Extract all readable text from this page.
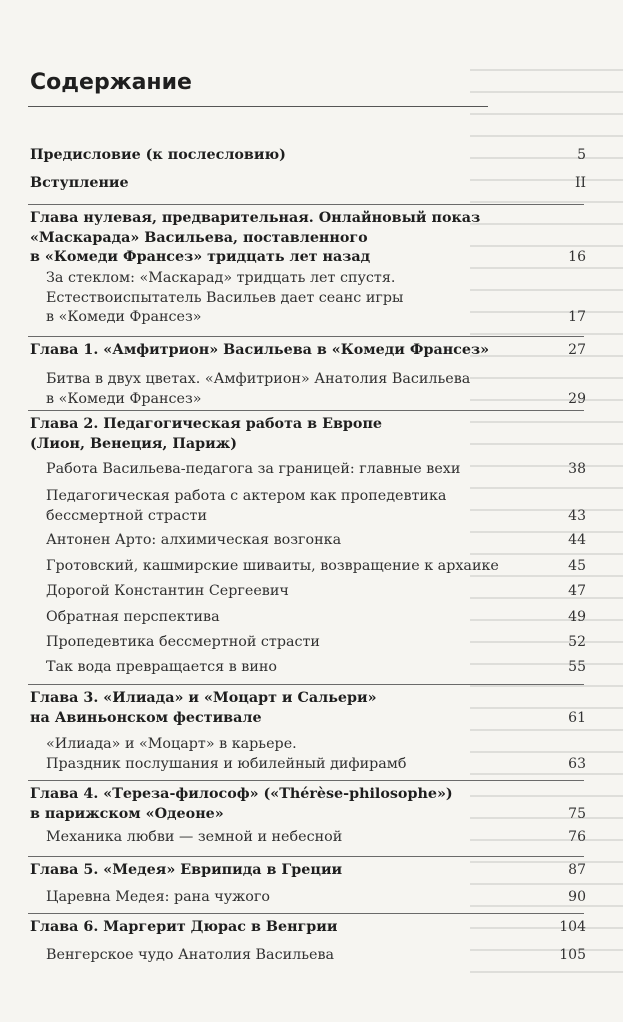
Содержание
Предисловие (к послесловию)	5
Вступление	II
Глава нулевая, предварительная. Онлайновый показ
«Маскарада» Васильева, поставленного
в «Комеди Франсез» тридцать лет назад	16
За стеклом: «Маскарад» тридцать лет спустя.
Естествоиспытатель Васильев дает сеанс игры
в «Комеди Франсез»	17
Глава 1. «Амфитрион» Васильева в «Комеди Франсез»	27
Битва в двух цветах. «Амфитрион» Анатолия Васильева
в «Комеди Франсез»	29
Глава 2. Педагогическая работа в Европе
(Лион, Венеция, Париж)
Работа Васильева-педагога за границей: главные вехи	38
Педагогическая работа с актером как пропедевтика
бессмертной страсти	43
Антонен Арто: алхимическая возгонка	44
Гротовский, кашмирские шиваиты, возвращение к архаике	45
Дорогой Константин Сергеевич	47
Обратная перспектива	49
Пропедевтика бессмертной страсти	52
Так вода превращается в вино	55
Глава 3. «Илиада» и «Моцарт и Сальери»
на Авиньонском фестивале	61
«Илиада» и «Моцарт» в карьере.
Праздник послушания и юбилейный дифирамб	63
Глава 4. «Тереза-философ» («Thérèse-philosophe»)
в парижском «Одеоне»	75
Механика любви — земной и небесной	76
Глава 5. «Медея» Еврипида в Греции	87
Царевна Медея: рана чужого	90
Глава 6. Маргерит Дюрас в Венгрии	104
Венгерское чудо Анатолия Васильева	105
